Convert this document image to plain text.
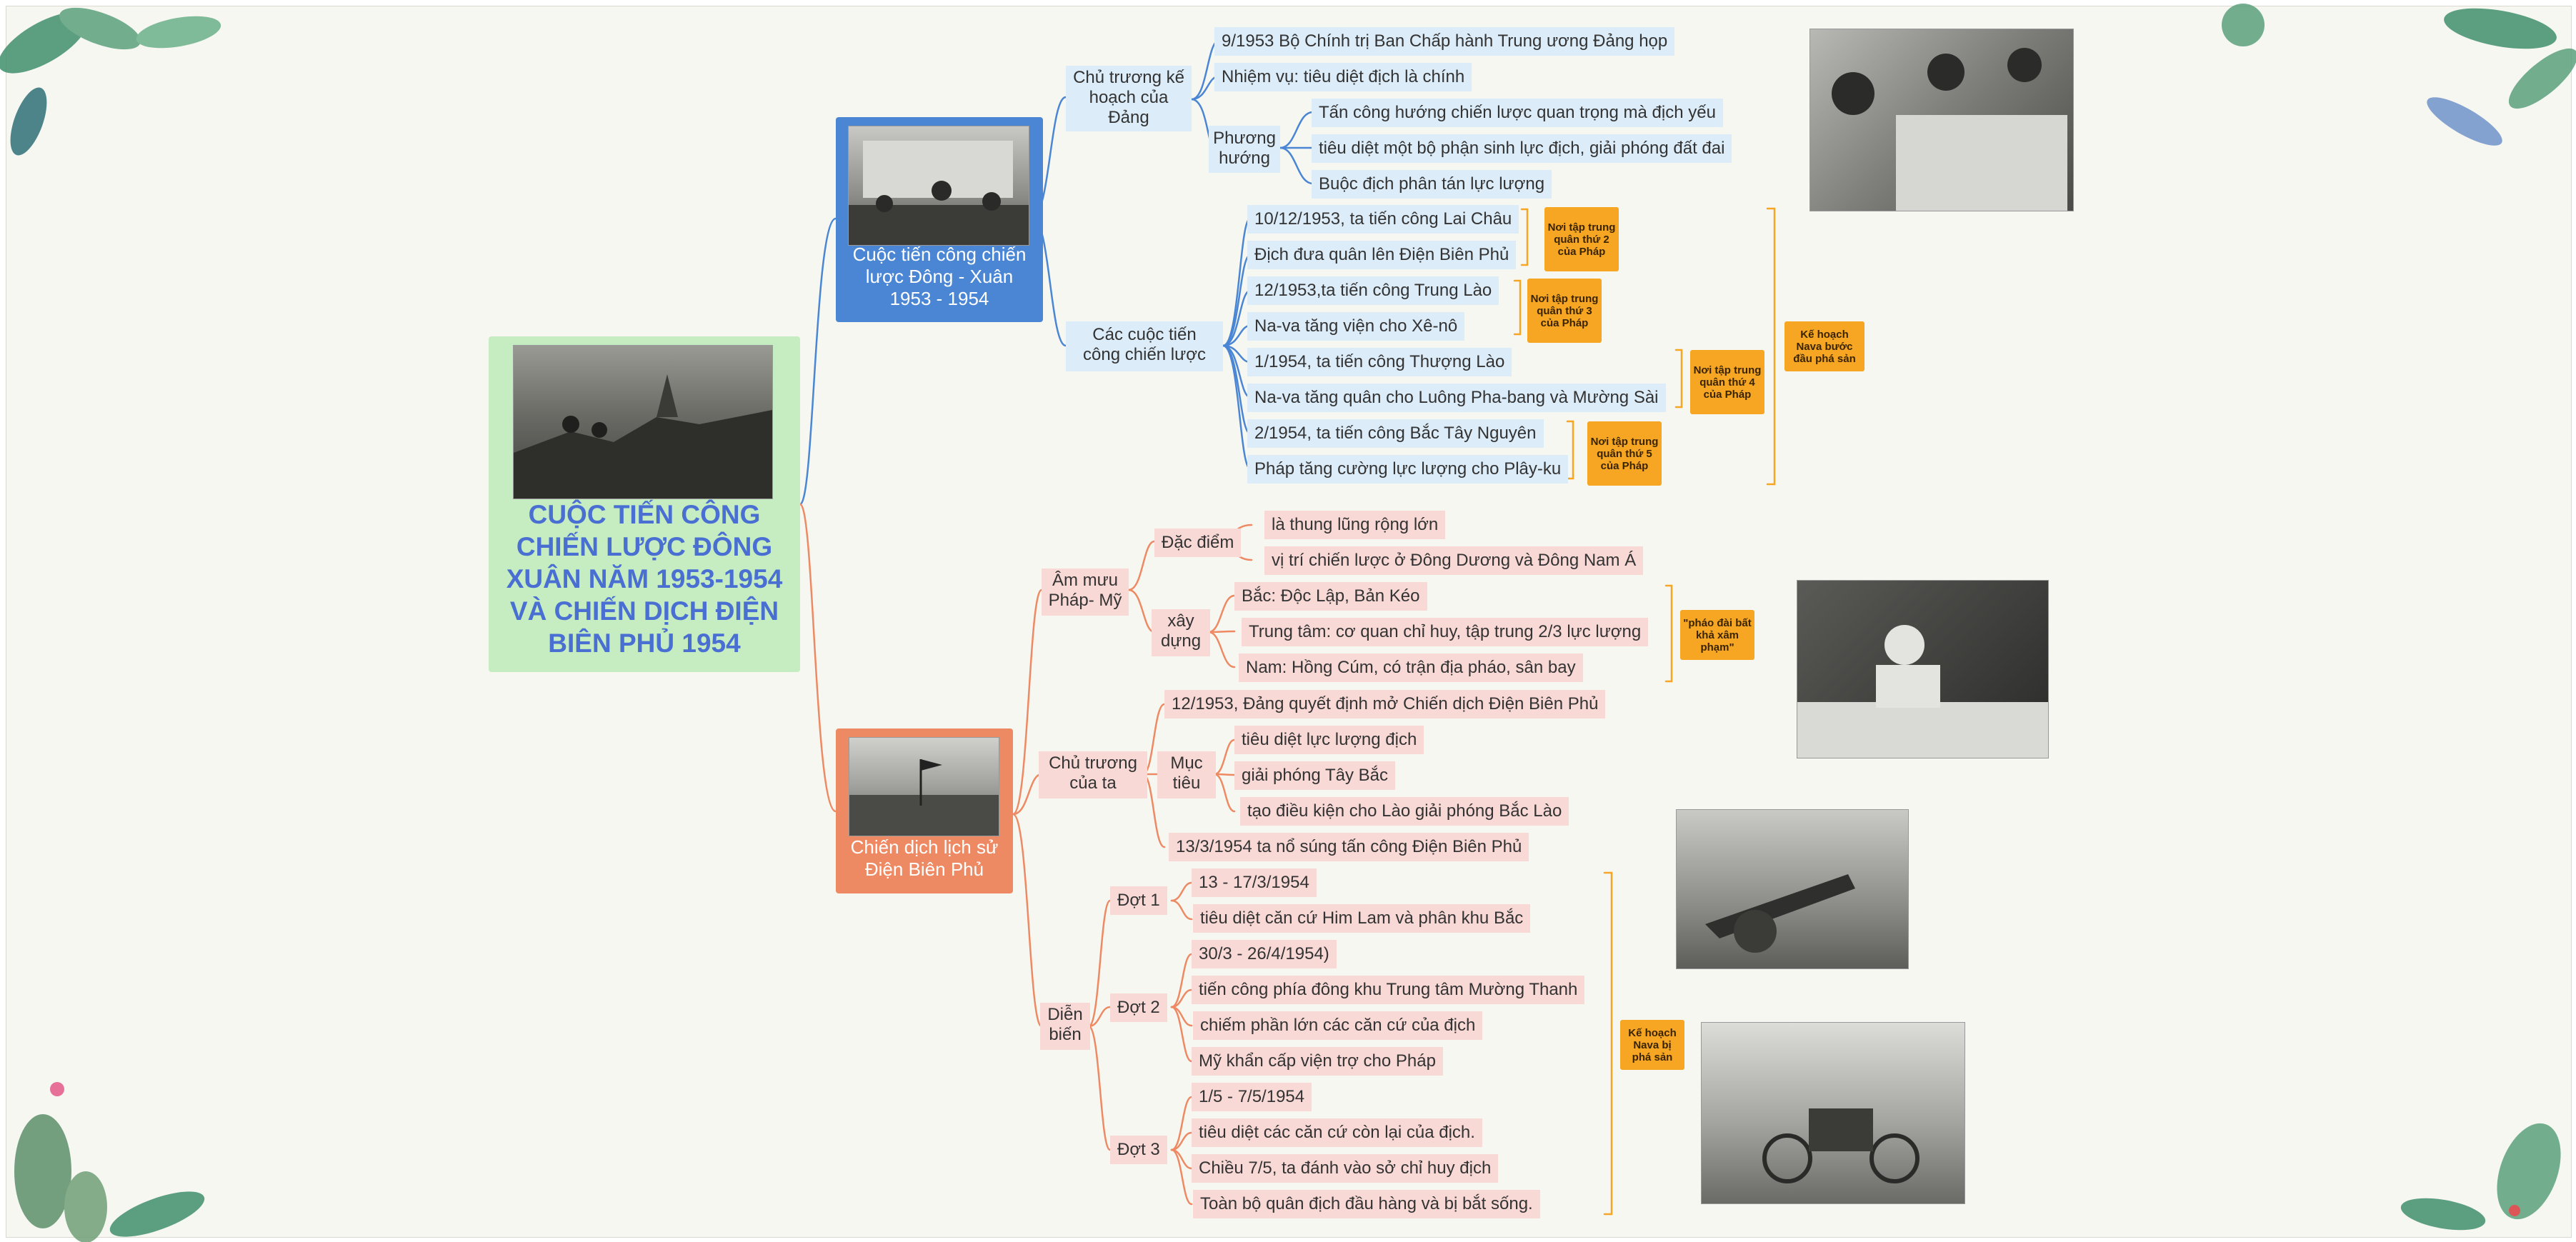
CUỘC TIẾN CÔNG CHIẾN LƯỢC ĐÔNG XUÂN NĂM 1953-1954 VÀ CHIẾN DỊCH ĐIỆN BIÊN PHỦ 1954
Cuộc tiến công chiến lược Đông - Xuân 1953 - 1954
Chiến dịch lịch sử Điện Biên Phủ
Chủ trương kế hoạch của Đảng
9/1953 Bộ Chính trị Ban Chấp hành Trung ương Đảng họp
Nhiệm vụ: tiêu diệt địch là chính
Phương hướng
Tấn công hướng chiến lược quan trọng mà địch yếu
tiêu diệt một bộ phận sinh lực địch, giải phóng đất đai
Buộc địch phân tán lực lượng
Các cuộc tiến công chiến lược
10/12/1953, ta tiến công Lai Châu
Địch đưa quân lên Điện Biên Phủ
12/1953,ta tiến công Trung Lào
Na-va tăng viện cho Xê-nô
1/1954, ta tiến công Thượng Lào
Na-va tăng quân cho Luông Pha-bang và Mường Sài
2/1954, ta tiến công Bắc Tây Nguyên
Pháp tăng cường lực lượng cho Plây-ku
Nơi tập trung quân thứ 2 của Pháp
Nơi tập trung quân thứ 3 của Pháp
Nơi tập trung quân thứ 4 của Pháp
Nơi tập trung quân thứ 5 của Pháp
Kế hoạch Nava bước đầu phá sản
Âm mưu Pháp- Mỹ
Đặc điểm
là thung lũng rộng lớn
vị trí chiến lược ở Đông Dương và Đông Nam Á
xây dựng
Bắc: Độc Lập, Bản Kéo
Trung tâm: cơ quan chỉ huy, tập trung 2/3 lực lượng
Nam: Hồng Cúm, có trận địa pháo, sân bay
"pháo đài bất khả xâm phạm"
Chủ trương của ta
12/1953, Đảng quyết định mở Chiến dịch Điện Biên Phủ
Mục tiêu
tiêu diệt lực lượng địch
giải phóng Tây Bắc
tạo điều kiện cho Lào giải phóng Bắc Lào
13/3/1954 ta nổ súng tấn công Điện Biên Phủ
Diễn biến
Đợt 1
13 - 17/3/1954
tiêu diệt căn cứ Him Lam và phân khu Bắc
Đợt 2
30/3 - 26/4/1954)
tiến công phía đông khu Trung tâm Mường Thanh
chiếm phần lớn các căn cứ của địch
Mỹ khẩn cấp viện trợ cho Pháp
Đợt 3
1/5 - 7/5/1954
tiêu diệt các căn cứ còn lại của địch.
Chiều 7/5, ta đánh vào sở chỉ huy địch
Toàn bộ quân địch đầu hàng và bị bắt sống.
Kế hoạch Nava bị phá sản
